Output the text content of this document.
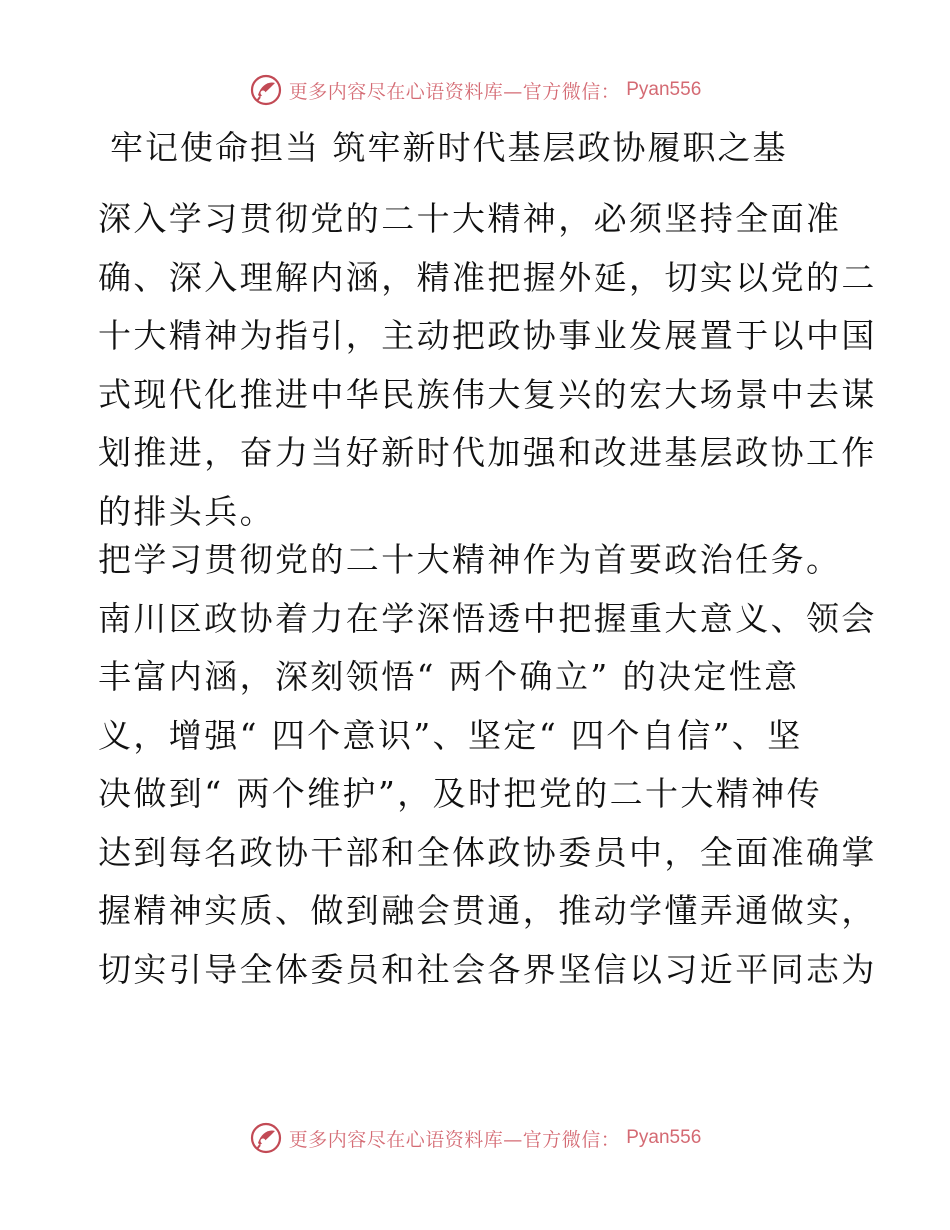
更多内容尽在心语资料库—官方微信： Pyan556
牢记使命担当 筑牢新时代基层政协履职之基
深入学习贯彻党的二十大精神，必须坚持全面准
确、深入理解内涵，精准把握外延，切实以党的二
十大精神为指引，主动把政协事业发展置于以中国
式现代化推进中华民族伟大复兴的宏大场景中去谋
划推进，奋力当好新时代加强和改进基层政协工作
的排头兵。
把学习贯彻党的二十大精神作为首要政治任务。
南川区政协着力在学深悟透中把握重大意义、领会
丰富内涵，深刻领悟“ 两个确立” 的决定性意
义，增强“ 四个意识”、坚定“ 四个自信”、坚
决做到“ 两个维护”，及时把党的二十大精神传
达到每名政协干部和全体政协委员中，全面准确掌
握精神实质、做到融会贯通，推动学懂弄通做实，
切实引导全体委员和社会各界坚信以习近平同志为
更多内容尽在心语资料库—官方微信： Pyan556
